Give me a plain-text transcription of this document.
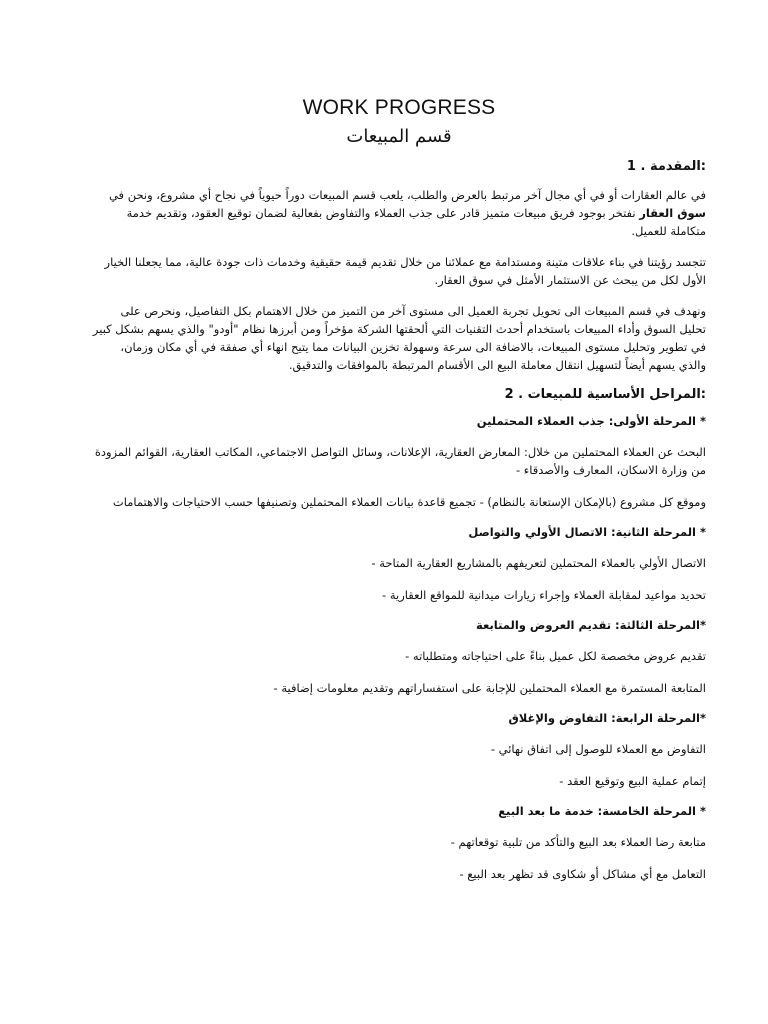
WORK PROGRESS
قسم المبيعات
:المقدمة . 1
في عالم العقارات أو في أي مجال آخر مرتبط بالعرض والطلب، يلعب قسم المبيعات دوراً حيوياً في نجاح أي مشروع، ونحن في سوق العقار نفتخر بوجود فريق مبيعات متميز قادر على جذب العملاء والتفاوض بفعالية لضمان توقيع العقود، وتقديم خدمة متكاملة للعميل.
تتجسد رؤيتنا في بناء علاقات متينة ومستدامة مع عملائنا من خلال تقديم قيمة حقيقية وخدمات ذات جودة عالية، مما يجعلنا الخيار الأول لكل من يبحث عن الاستثمار الأمثل في سوق العقار.
ونهدف في قسم المبيعات الى تحويل تجربة العميل الى مستوى آخر من التميز من خلال الاهتمام بكل التفاصيل، ونحرص على تحليل السوق وأداء المبيعات باستخدام أحدث التقنيات التي ألحقتها الشركة مؤخراً ومن أبرزها نظام "أودو" والذي يسهم بشكل كبير في تطوير وتحليل مستوى المبيعات، بالاضافة الى سرعة وسهولة تخزين البيانات مما يتيح انهاء أي صفقة في أي مكان وزمان، والذي يسهم أيضاً لتسهيل انتقال معاملة البيع الى الأقسام المرتبطة بالموافقات والتدقيق.
:المراحل الأساسية للمبيعات . 2
* المرحلة الأولى: جذب العملاء المحتملين
البحث عن العملاء المحتملين من خلال: المعارض العقارية، الإعلانات، وسائل التواصل الاجتماعي، المكاتب العقارية، القوائم المزودة من وزارة الاسكان، المعارف والأصدقاء -
وموقع كل مشروع (بالإمكان الإستعانة بالنظام) - تجميع قاعدة بيانات العملاء المحتملين وتصنيفها حسب الاحتياجات والاهتمامات
* المرحلة الثانية: الاتصال الأولي والتواصل
الاتصال الأولي بالعملاء المحتملين لتعريفهم بالمشاريع العقارية المتاحة -
تحديد مواعيد لمقابلة العملاء وإجراء زيارات ميدانية للمواقع العقارية -
*المرحلة الثالثة: تقديم العروض والمتابعة
تقديم عروض مخصصة لكل عميل بناءً على احتياجاته ومتطلباته -
المتابعة المستمرة مع العملاء المحتملين للإجابة على استفساراتهم وتقديم معلومات إضافية -
*المرحلة الرابعة: التفاوض والإغلاق
التفاوض مع العملاء للوصول إلى اتفاق نهائي -
إتمام عملية البيع وتوقيع العقد -
* المرحلة الخامسة: خدمة ما بعد البيع
متابعة رضا العملاء بعد البيع والتأكد من تلبية توقعاتهم -
التعامل مع أي مشاكل أو شكاوى قد تظهر بعد البيع -
